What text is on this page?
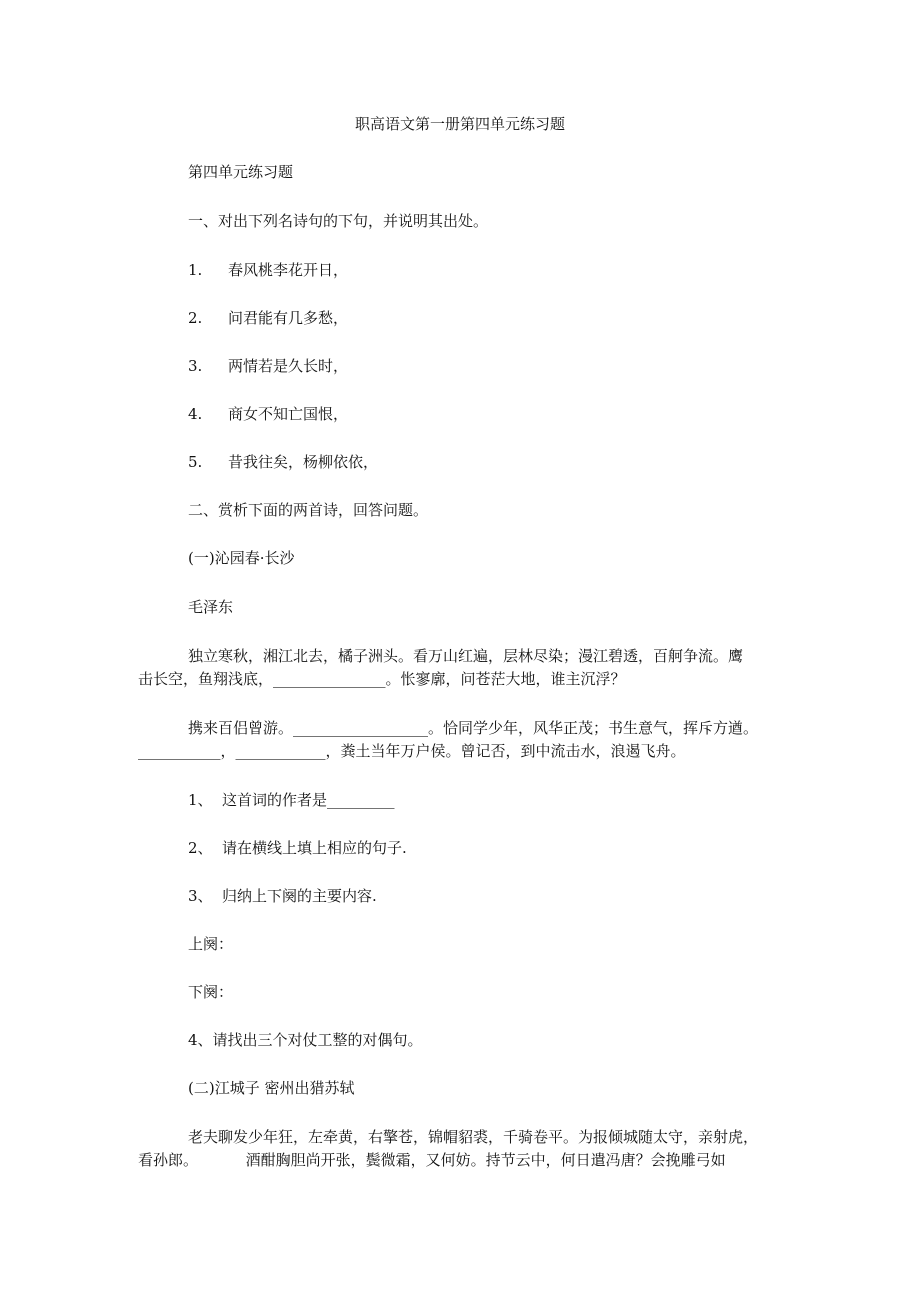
职高语文第一册第四单元练习题
第四单元练习题
一、对出下列名诗句的下句，并说明其出处。
1. 春风桃李花开日，
2. 问君能有几多愁，
3. 两情若是久长时，
4. 商女不知亡国恨，
5. 昔我往矣，杨柳依依，
二、赏析下面的两首诗，回答问题。
(一)沁园春·长沙
毛泽东
独立寒秋，湘江北去，橘子洲头。看万山红遍，层林尽染；漫江碧透，百舸争流。鹰
击长空，鱼翔浅底，_______________。怅寥廓，问苍茫大地，谁主沉浮？
携来百侣曾游。__________________。恰同学少年，风华正茂；书生意气，挥斥方遒。
___________，____________，粪土当年万户侯。曾记否，到中流击水，浪遏飞舟。
1、 这首词的作者是_________
2、 请在横线上填上相应的句子.
3、 归纳上下阕的主要内容.
上阕：
下阕：
4、请找出三个对仗工整的对偶句。
(二)江城子 密州出猎苏轼
老夫聊发少年狂，左牵黄，右擎苍，锦帽貂裘，千骑卷平。为报倾城随太守，亲射虎，
看孙郎。          酒酣胸胆尚开张，鬓微霜，又何妨。持节云中，何日遣冯唐？会挽雕弓如
